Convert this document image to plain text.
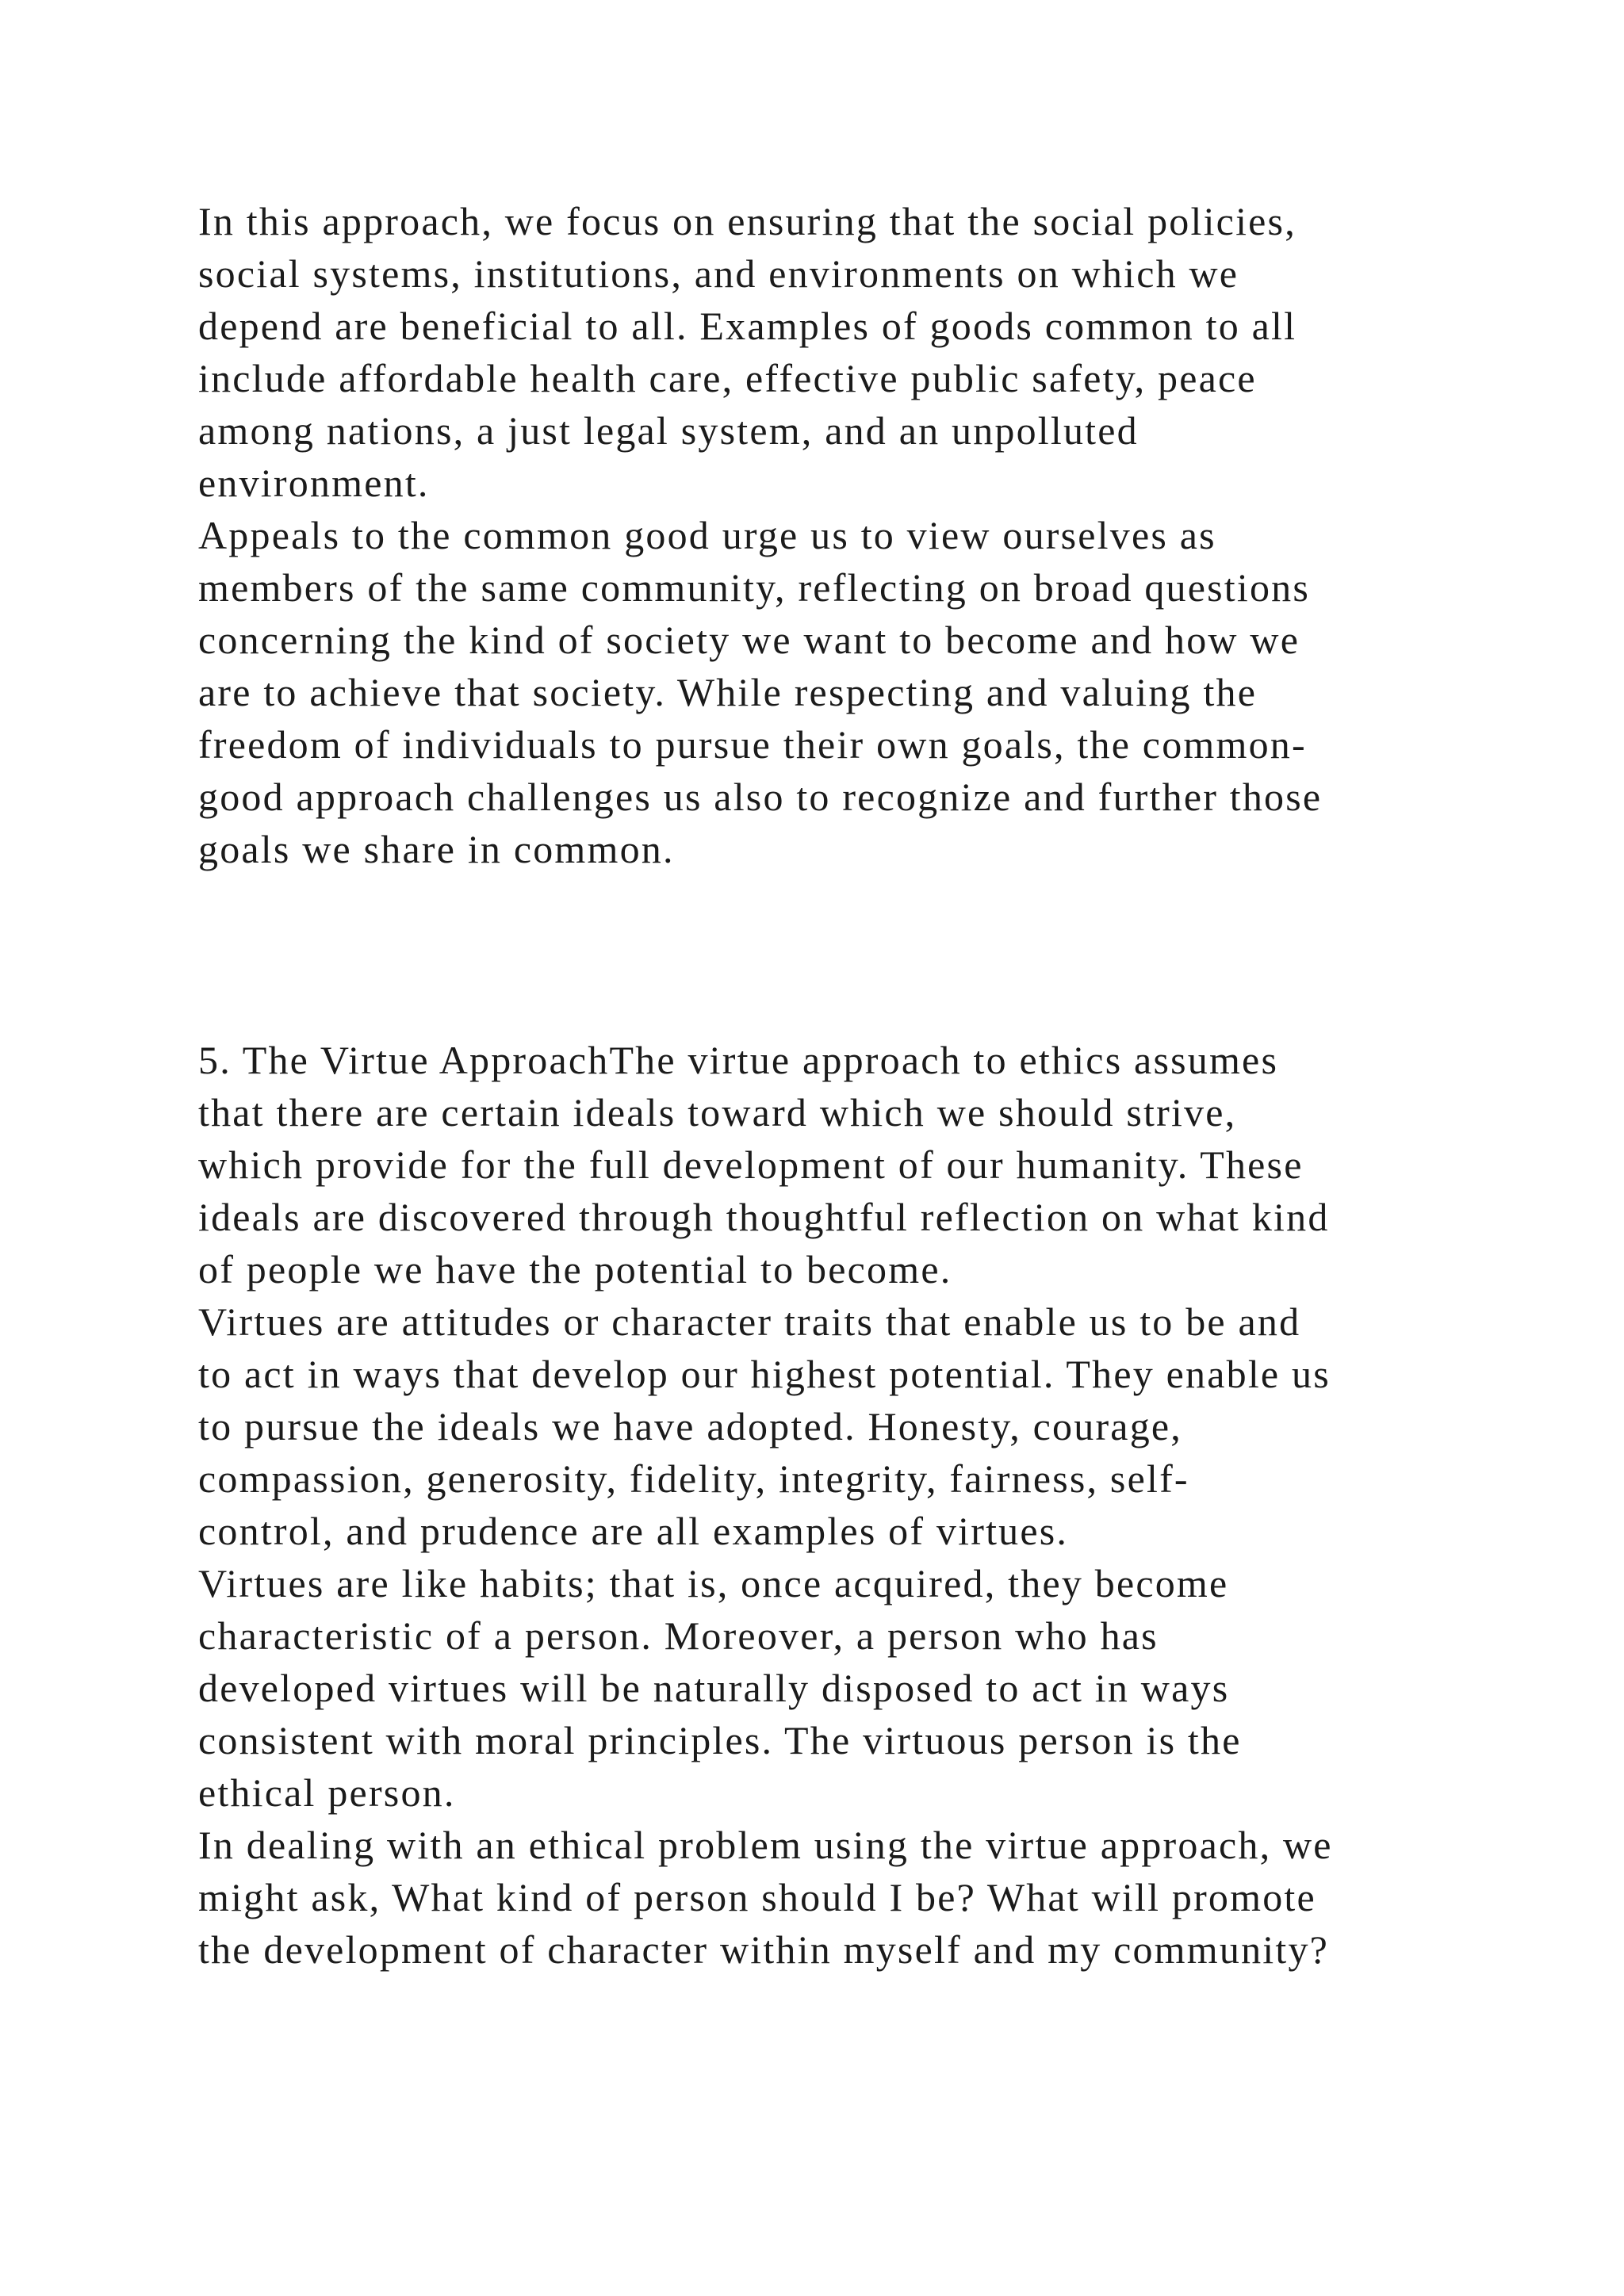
In this approach, we focus on ensuring that the social policies,
social systems, institutions, and environments on which we
depend are beneficial to all. Examples of goods common to all
include affordable health care, effective public safety, peace
among nations, a just legal system, and an unpolluted
environment.
Appeals to the common good urge us to view ourselves as
members of the same community, reflecting on broad questions
concerning the kind of society we want to become and how we
are to achieve that society. While respecting and valuing the
freedom of individuals to pursue their own goals, the common-
good approach challenges us also to recognize and further those
goals we share in common.
5. The Virtue ApproachThe virtue approach to ethics assumes
that there are certain ideals toward which we should strive,
which provide for the full development of our humanity. These
ideals are discovered through thoughtful reflection on what kind
of people we have the potential to become.
Virtues are attitudes or character traits that enable us to be and
to act in ways that develop our highest potential. They enable us
to pursue the ideals we have adopted. Honesty, courage,
compassion, generosity, fidelity, integrity, fairness, self-
control, and prudence are all examples of virtues.
Virtues are like habits; that is, once acquired, they become
characteristic of a person. Moreover, a person who has
developed virtues will be naturally disposed to act in ways
consistent with moral principles. The virtuous person is the
ethical person.
In dealing with an ethical problem using the virtue approach, we
might ask, What kind of person should I be? What will promote
the development of character within myself and my community?
